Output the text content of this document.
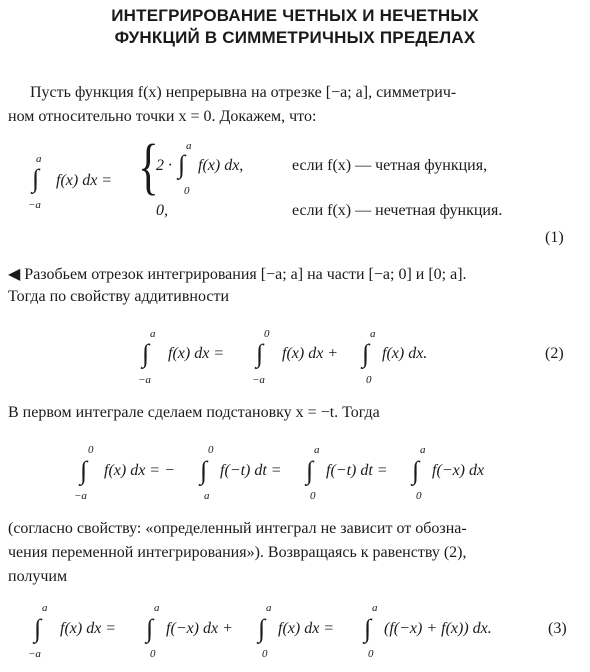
ИНТЕГРИРОВАНИЕ ЧЕТНЫХ И НЕЧЕТНЫХ
ФУНКЦИЙ В СИММЕТРИЧНЫХ ПРЕДЕЛАХ
Пусть функция f(x) непрерывна на отрезке [−a; a], симметрич-
ном относительно точки x = 0. Докажем, что:
∫
a
−a
f(x) dx = {
2 · ∫
a
0
f(x) dx,	если f(x) — четная функция,
0,	если f(x) — нечетная функция.
(1)
◀ Разобьем отрезок интегрирования [−a; a] на части [−a; 0] и [0; a].
Тогда по свойству аддитивности
∫
a
−a
f(x) dx = ∫
0
−a
f(x) dx + ∫
a
0
f(x) dx.	(2)
В первом интеграле сделаем подстановку x = −t. Тогда
∫
0
−a
f(x) dx = − ∫
0
a
f(−t) dt = ∫
a
0
f(−t) dt = ∫
a
0
f(−x) dx
(согласно свойству: «определенный интеграл не зависит от обозна-
чения переменной интегрирования»). Возвращаясь к равенству (2),
получим
∫
a
−a
f(x) dx = ∫
a
0
f(−x) dx + ∫
a
0
f(x) dx = ∫
a
0
(f(−x) + f(x)) dx.	(3)
